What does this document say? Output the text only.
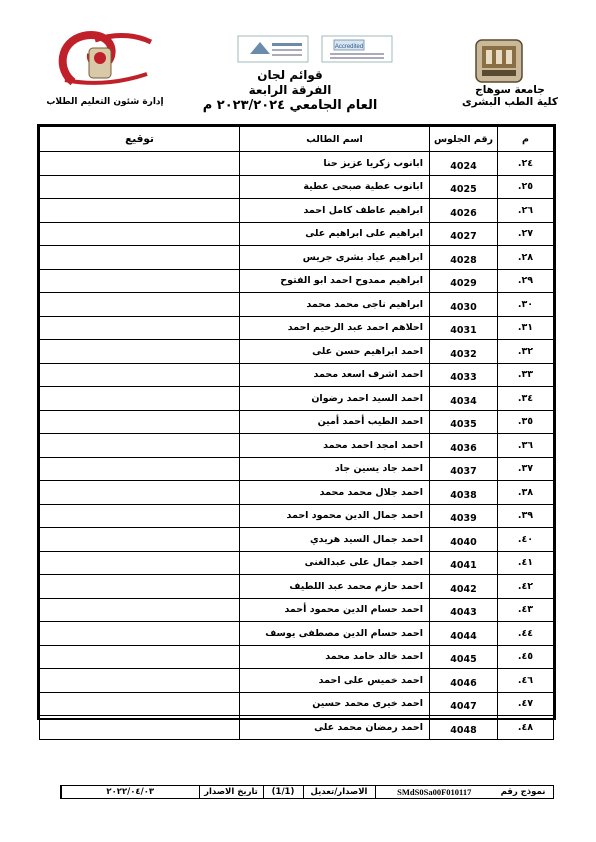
جامعة سوهاج
كلية الطب البشرى
Accredited
قوائم لجان
الفرقة الرابعة
العام الجامعي ٢٠٢٣/٢٠٢٤ م
إدارة شئون التعليم الطلاب
م	رقم الجلوس	اسم الطالب	توقيع
٢٤.	4024	ابانوب زكريا عزيز حنا	
٢٥.	4025	ابانوب عطية صبحى عطية	
٢٦.	4026	ابراهيم عاطف كامل احمد	
٢٧.	4027	ابراهيم على ابراهيم على	
٢٨.	4028	ابراهيم عياد بشرى جريس	
٢٩.	4029	ابراهيم ممدوح احمد ابو الفتوح	
٣٠.	4030	ابراهيم ناجى محمد محمد	
٣١.	4031	احلاهم احمد عبد الرحيم احمد	
٣٢.	4032	احمد ابراهيم حسن على	
٣٣.	4033	احمد اشرف اسعد محمد	
٣٤.	4034	احمد السيد احمد رضوان	
٣٥.	4035	احمد الطيب أحمد أمين	
٣٦.	4036	احمد امجد احمد محمد	
٣٧.	4037	احمد جاد يسين جاد	
٣٨.	4038	احمد جلال محمد محمد	
٣٩.	4039	احمد جمال الدين محمود احمد	
٤٠.	4040	احمد جمال السيد هريدي	
٤١.	4041	احمد جمال على عبدالغنى	
٤٢.	4042	احمد حازم محمد عبد اللطيف	
٤٣.	4043	احمد حسام الدين محمود أحمد	
٤٤.	4044	احمد حسام الدين مصطفى يوسف	
٤٥.	4045	احمد خالد حامد محمد	
٤٦.	4046	احمد خميس على احمد	
٤٧.	4047	احمد خيرى محمد حسين	
٤٨.	4048	احمد رمضان محمد على	
نموذج رقم	SMdS0Sa00F010117	الاصدار/تعديل	(1/1)	تاريخ الاصدار	٢٠٢٢/٠٤/٠٣
